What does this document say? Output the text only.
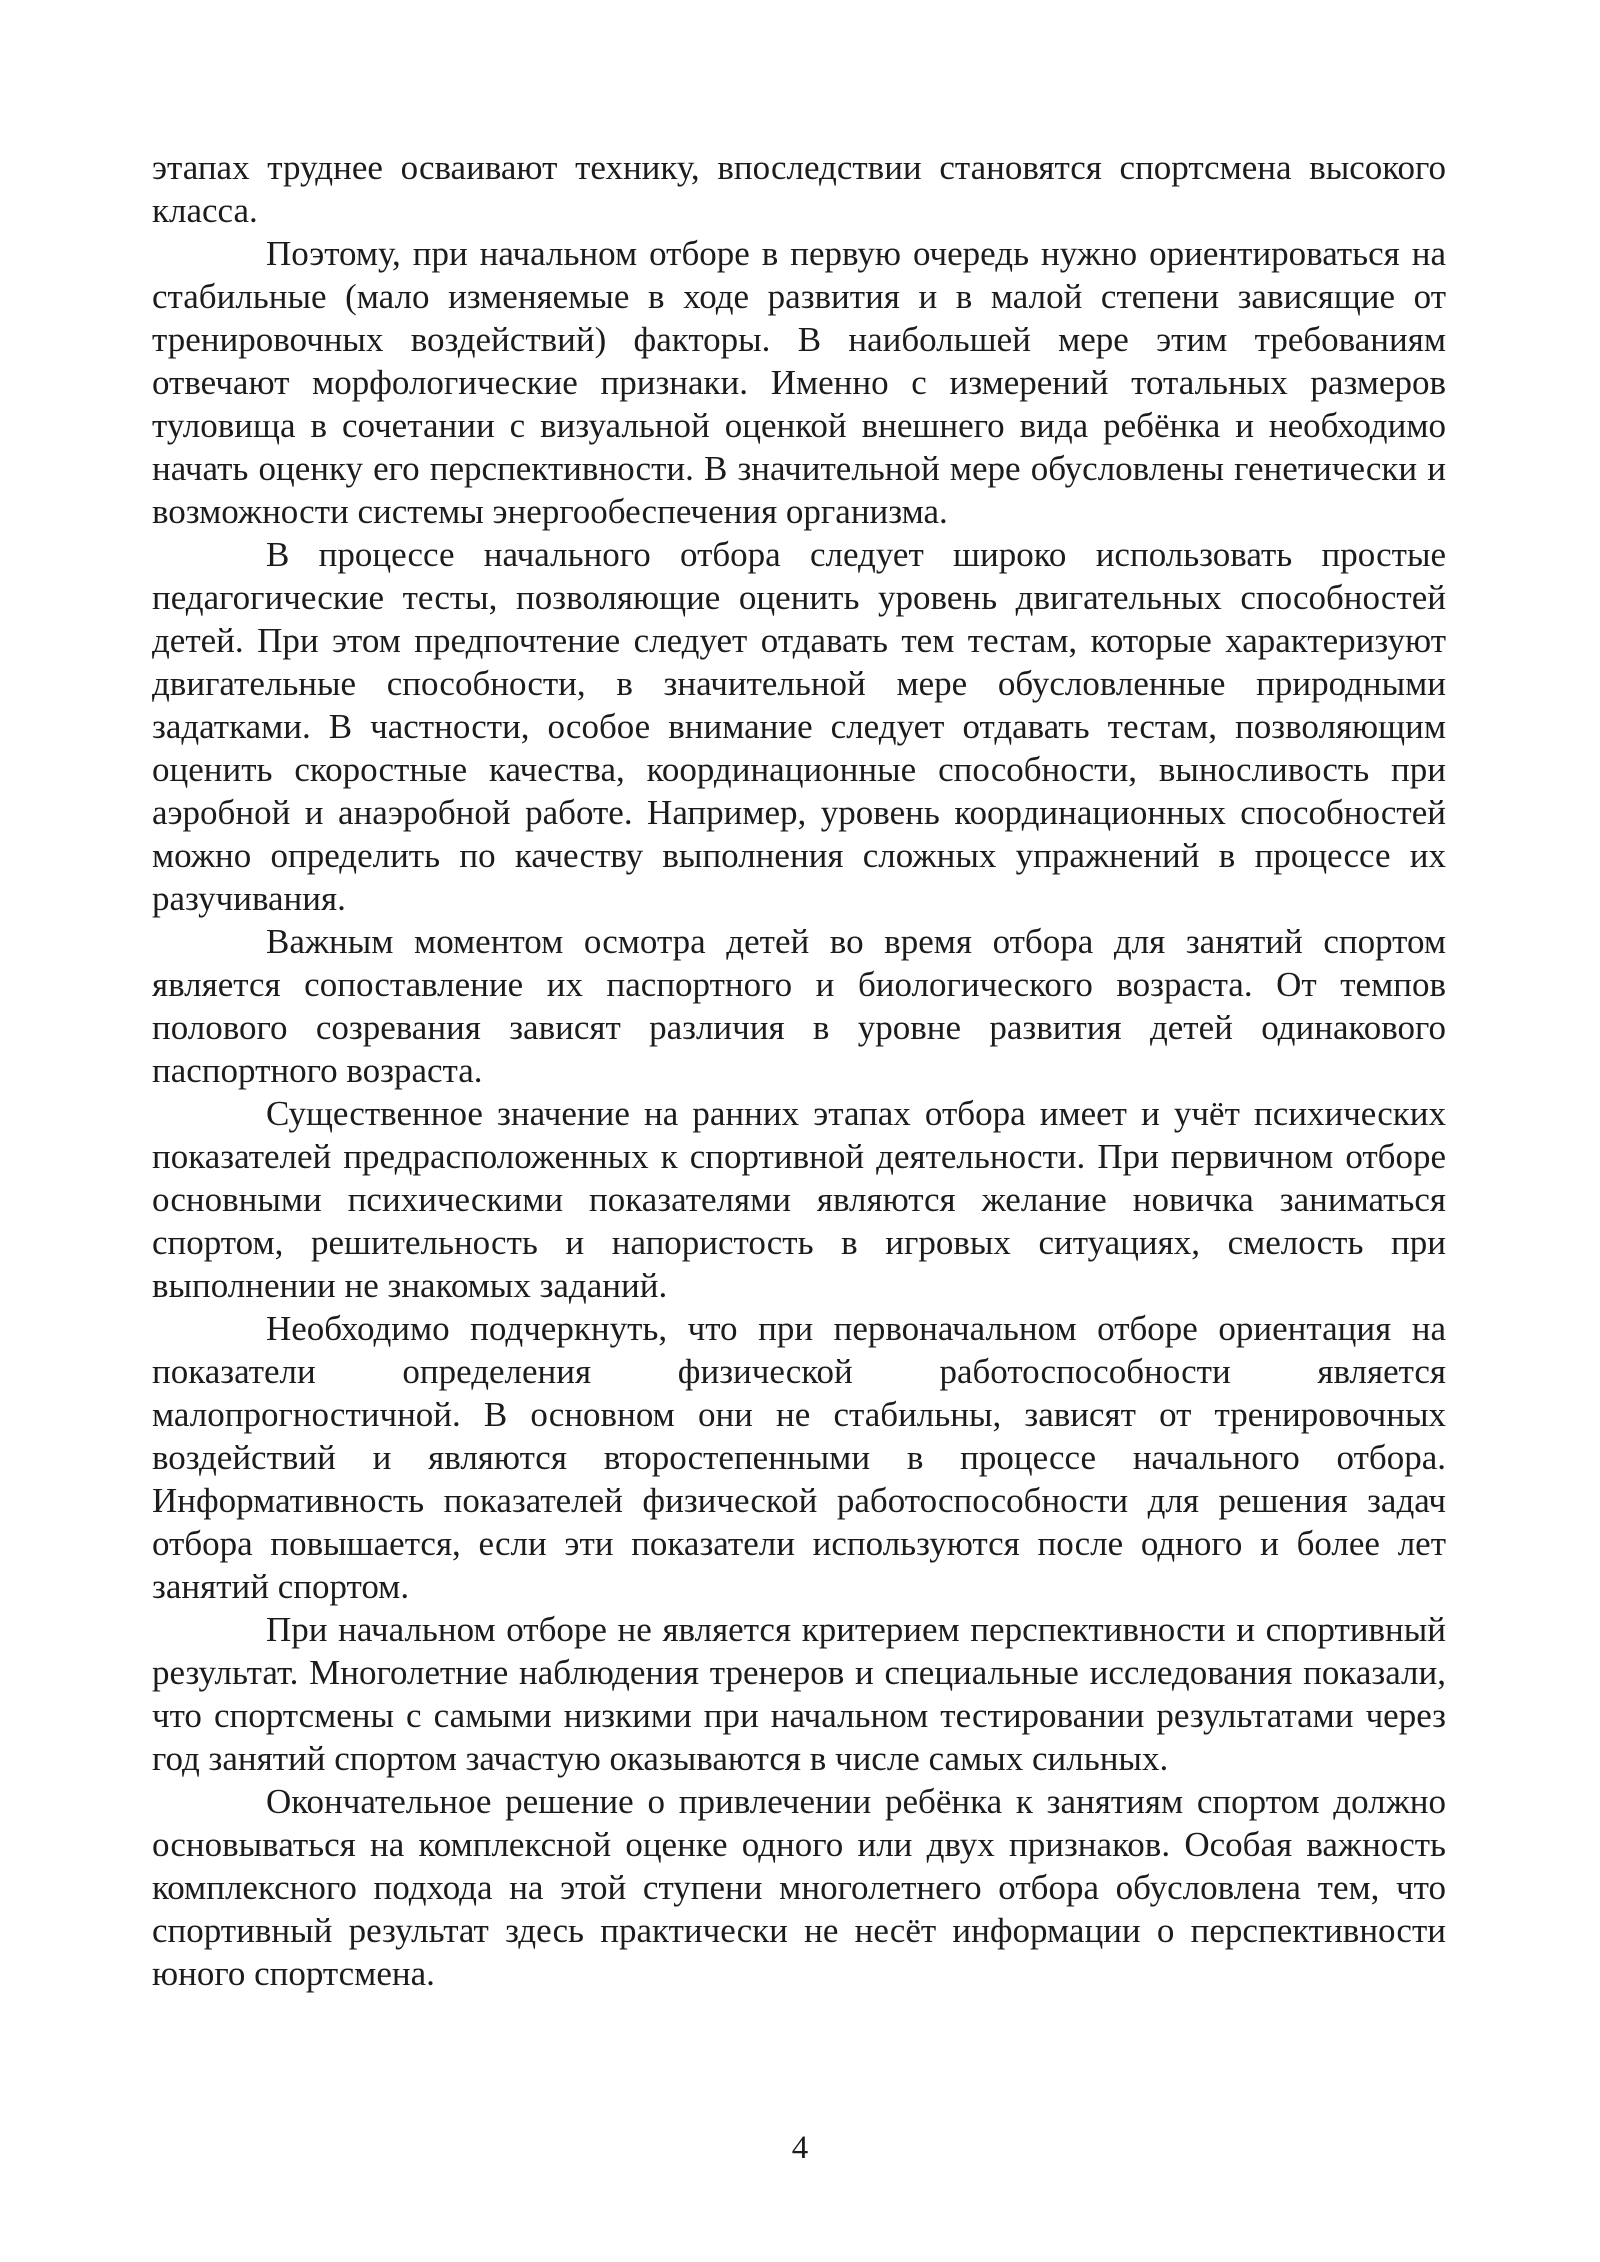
этапах труднее осваивают технику, впоследствии становятся спортсмена высокого класса.

Поэтому, при начальном отборе в первую очередь нужно ориентироваться на стабильные (мало изменяемые в ходе развития и в малой степени зависящие от тренировочных воздействий) факторы. В наибольшей мере этим требованиям отвечают морфологические признаки. Именно с измерений тотальных размеров туловища в сочетании с визуальной оценкой внешнего вида ребёнка и необходимо начать оценку его перспективности. В значительной мере обусловлены генетически и возможности системы энергообеспечения организма.

В процессе начального отбора следует широко использовать простые педагогические тесты, позволяющие оценить уровень двигательных способностей детей. При этом предпочтение следует отдавать тем тестам, которые характеризуют двигательные способности, в значительной мере обусловленные природными задатками. В частности, особое внимание следует отдавать тестам, позволяющим оценить скоростные качества, координационные способности, выносливость при аэробной и анаэробной работе. Например, уровень координационных способностей можно определить по качеству выполнения сложных упражнений в процессе их разучивания.

Важным моментом осмотра детей во время отбора для занятий спортом является сопоставление их паспортного и биологического возраста. От темпов полового созревания зависят различия в уровне развития детей одинакового паспортного возраста.

Существенное значение на ранних этапах отбора имеет и учёт психических показателей предрасположенных к спортивной деятельности. При первичном отборе основными психическими показателями являются желание новичка заниматься спортом, решительность и напористость в игровых ситуациях, смелость при выполнении не знакомых заданий.

Необходимо подчеркнуть, что при первоначальном отборе ориентация на показатели определения физической работоспособности является малопрогностичной. В основном они не стабильны, зависят от тренировочных воздействий и являются второстепенными в процессе начального отбора. Информативность показателей физической работоспособности для решения задач отбора повышается, если эти показатели используются после одного и более лет занятий спортом.

При начальном отборе не является критерием перспективности и спортивный результат. Многолетние наблюдения тренеров и специальные исследования показали, что спортсмены с самыми низкими при начальном тестировании результатами через год занятий спортом зачастую оказываются в числе самых сильных.

Окончательное решение о привлечении ребёнка к занятиям спортом должно основываться на комплексной оценке одного или двух признаков. Особая важность комплексного подхода на этой ступени многолетнего отбора обусловлена тем, что спортивный результат здесь практически не несёт информации о перспективности юного спортсмена.

4
